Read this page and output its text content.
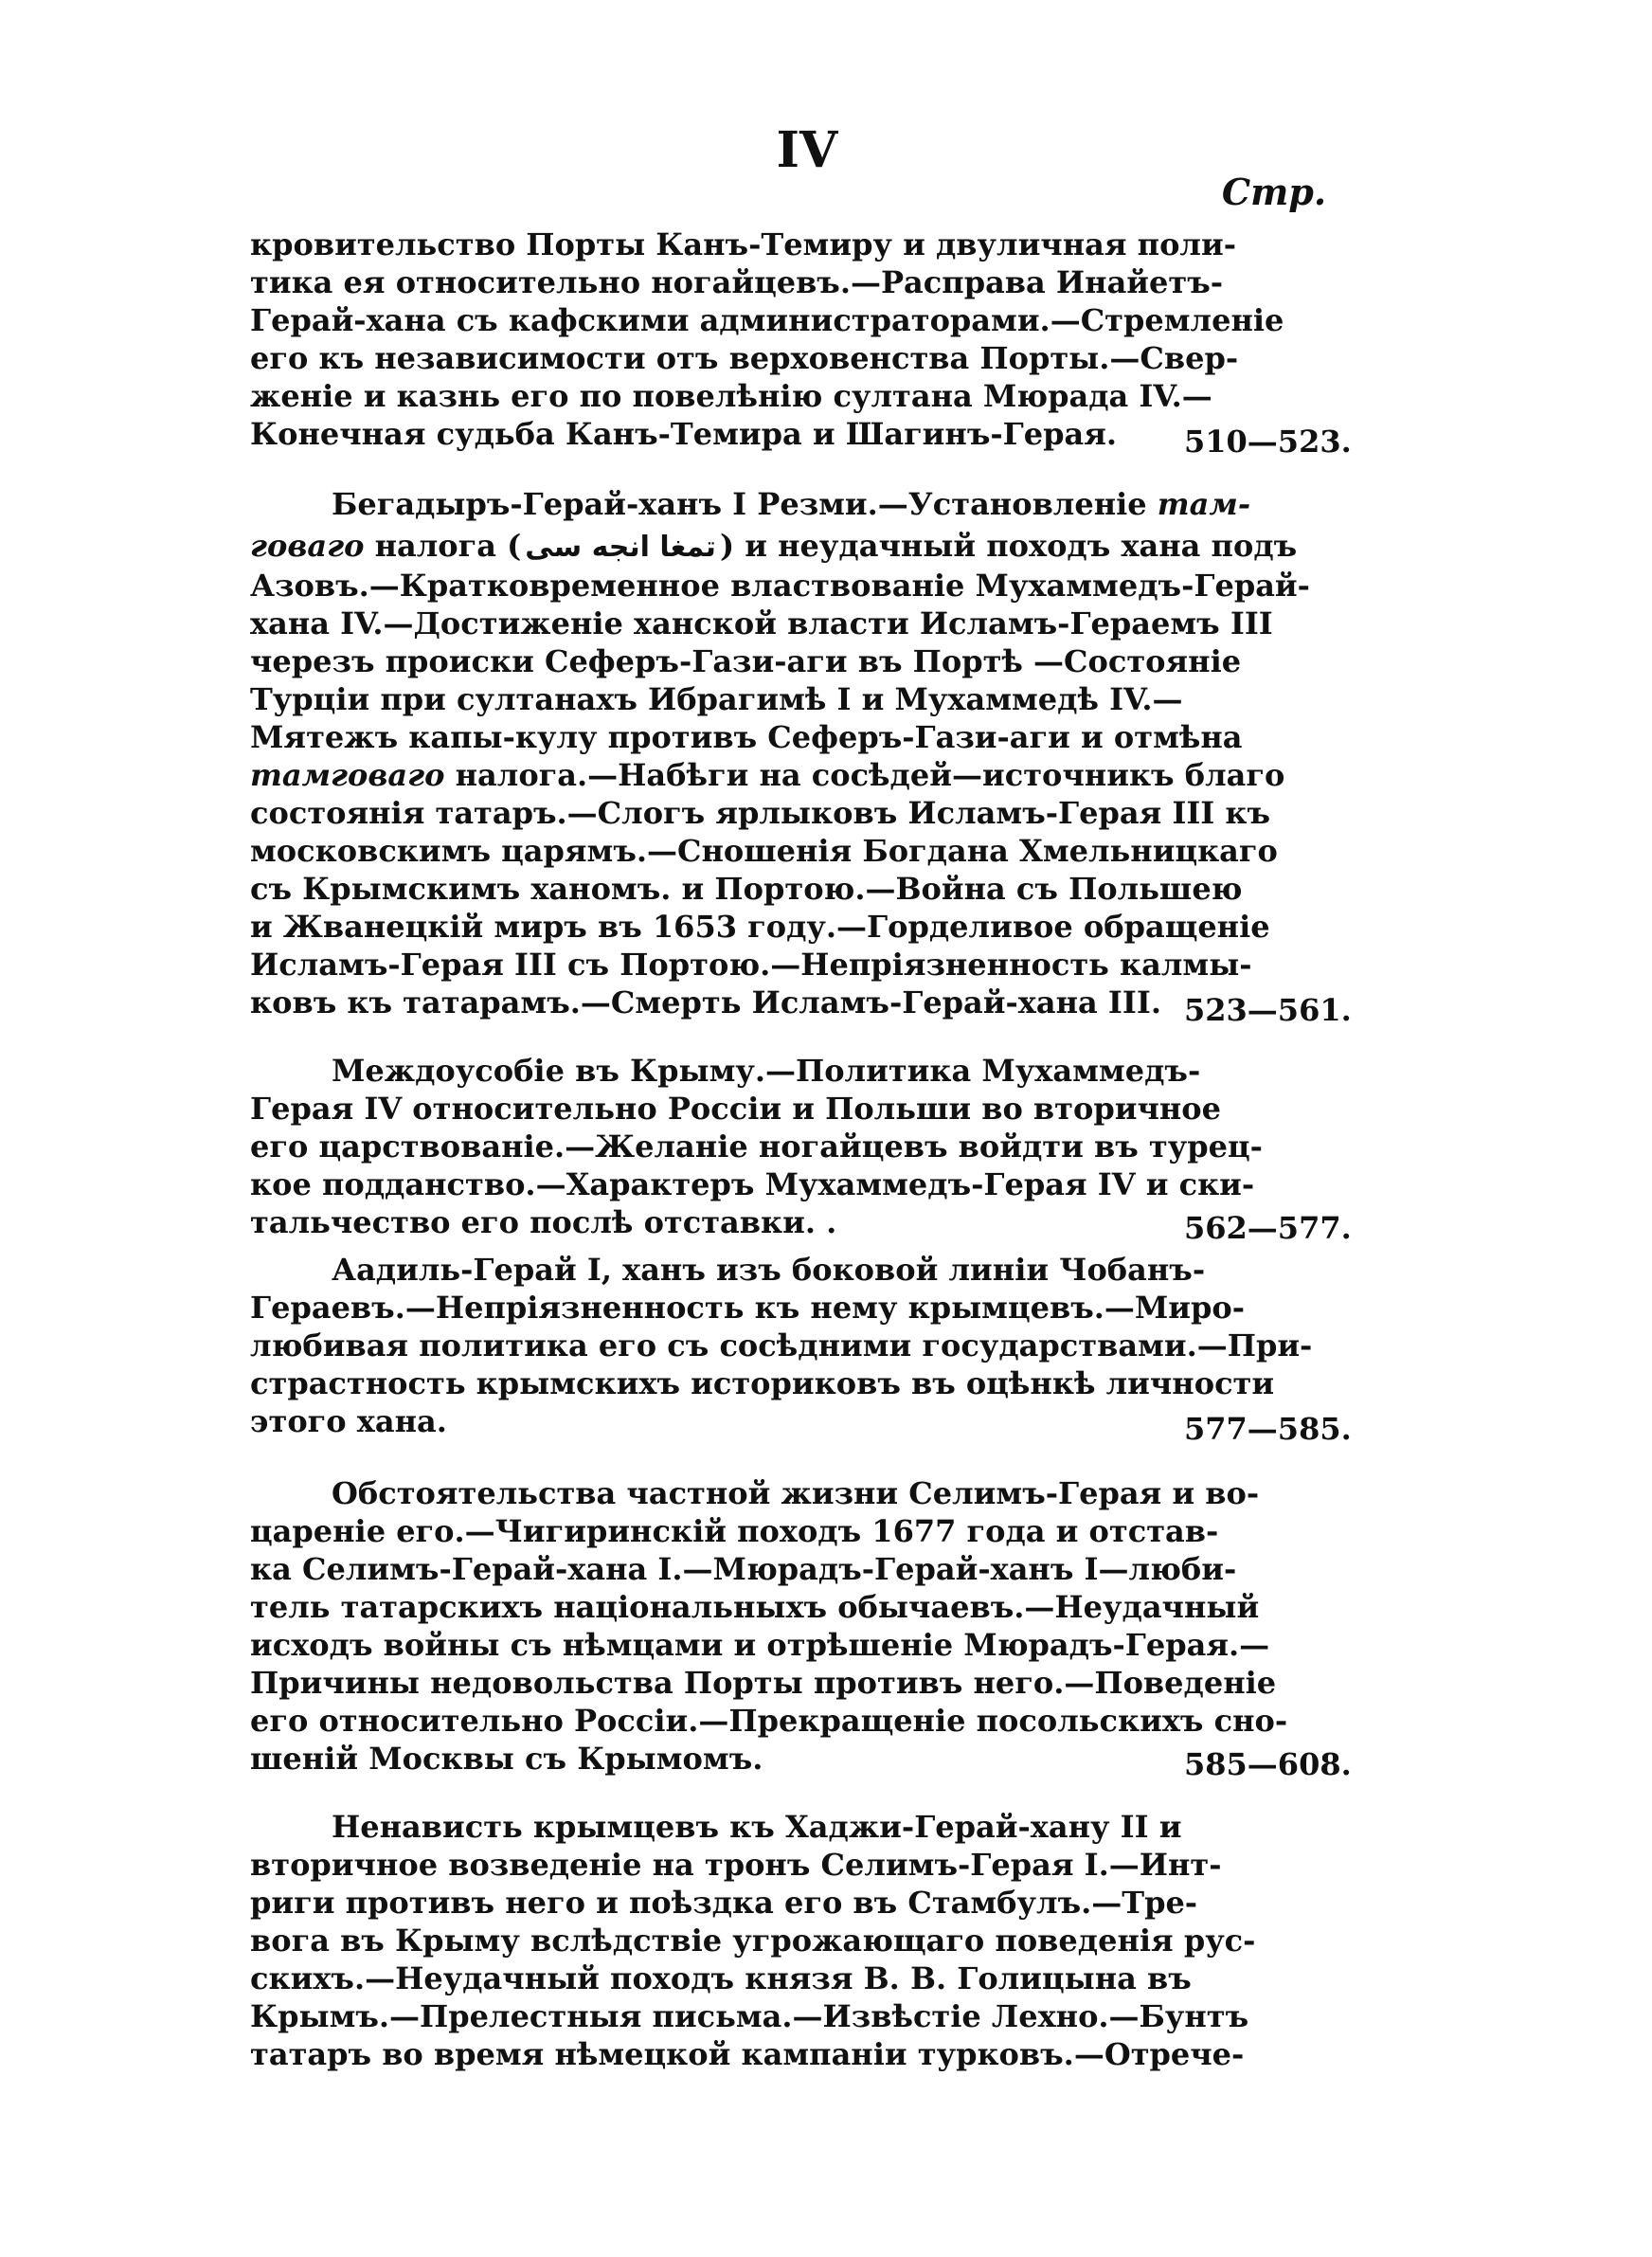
IV
Стр.
кровительство Порты Канъ-Темиру и двуличная поли-
тика ея относительно ногайцевъ.—Расправа Инайетъ-
Герай-хана съ кафскими администраторами.—Стремленіе
его къ независимости отъ верховенства Порты.—Свер-
женіе и казнь его по повелѣнію султана Мюрада IV.—
Конечная судьба Канъ-Темира и Шагинъ-Герая.	510—523.
Бегадыръ-Герай-ханъ I Резми.—Установленіе там-
говаго налога ( تمغا انجه سی ) и неудачный походъ хана подъ
Азовъ.—Кратковременное властвованіе Мухаммедъ-Герай-
хана IV.—Достиженіе ханской власти Исламъ-Гераемъ III
черезъ происки Сеферъ-Гази-аги въ Портѣ —Состояніе
Турціи при султанахъ Ибрагимѣ I и Мухаммедѣ IV.—
Мятежъ капы-кулу противъ Сеферъ-Гази-аги и отмѣна
тамговаго налога.—Набѣги на сосѣдей—источникъ благо
состоянія татаръ.—Слогъ ярлыковъ Исламъ-Герая III къ
московскимъ царямъ.—Сношенія Богдана Хмельницкаго
съ Крымскимъ ханомъ. и Портою.—Война съ Польшею
и Жванецкій миръ въ 1653 году.—Горделивое обращеніе
Исламъ-Герая III съ Портою.—Непріязненность калмы-
ковъ къ татарамъ.—Смерть Исламъ-Герай-хана III. 523—561.
Междоусобіе въ Крыму.—Политика Мухаммедъ-
Герая IV относительно Россіи и Польши во вторичное
его царствованіе.—Желаніе ногайцевъ войдти въ турец-
кое подданство.—Характеръ Мухаммедъ-Герая IV и ски-
тальчество его послѣ отставки. .	562—577.
Аадиль-Герай I, ханъ изъ боковой линіи Чобанъ-
Гераевъ.—Непріязненность къ нему крымцевъ.—Миро-
любивая политика его съ сосѣдними государствами.—При-
страстность крымскихъ историковъ въ оцѣнкѣ личности
этого хана.	577—585.
Обстоятельства частной жизни Селимъ-Герая и во-
цареніе его.—Чигиринскій походъ 1677 года и отстав-
ка Селимъ-Герай-хана I.—Мюрадъ-Герай-ханъ I—люби-
тель татарскихъ національныхъ обычаевъ.—Неудачный
исходъ войны съ нѣмцами и отрѣшеніе Мюрадъ-Герая.—
Причины недовольства Порты противъ него.—Поведеніе
его относительно Россіи.—Прекращеніе посольскихъ сно-
шеній Москвы съ Крымомъ.	585—608.
Ненависть крымцевъ къ Хаджи-Герай-хану II и
вторичное возведеніе на тронъ Селимъ-Герая I.—Инт-
риги противъ него и поѣздка его въ Стамбулъ.—Тре-
вога въ Крыму вслѣдствіе угрожающаго поведенія рус-
скихъ.—Неудачный походъ князя В. В. Голицына въ
Крымъ.—Прелестныя письма.—Извѣстіе Лехно.—Бунтъ
татаръ во время нѣмецкой кампаніи турковъ.—Отрече-
